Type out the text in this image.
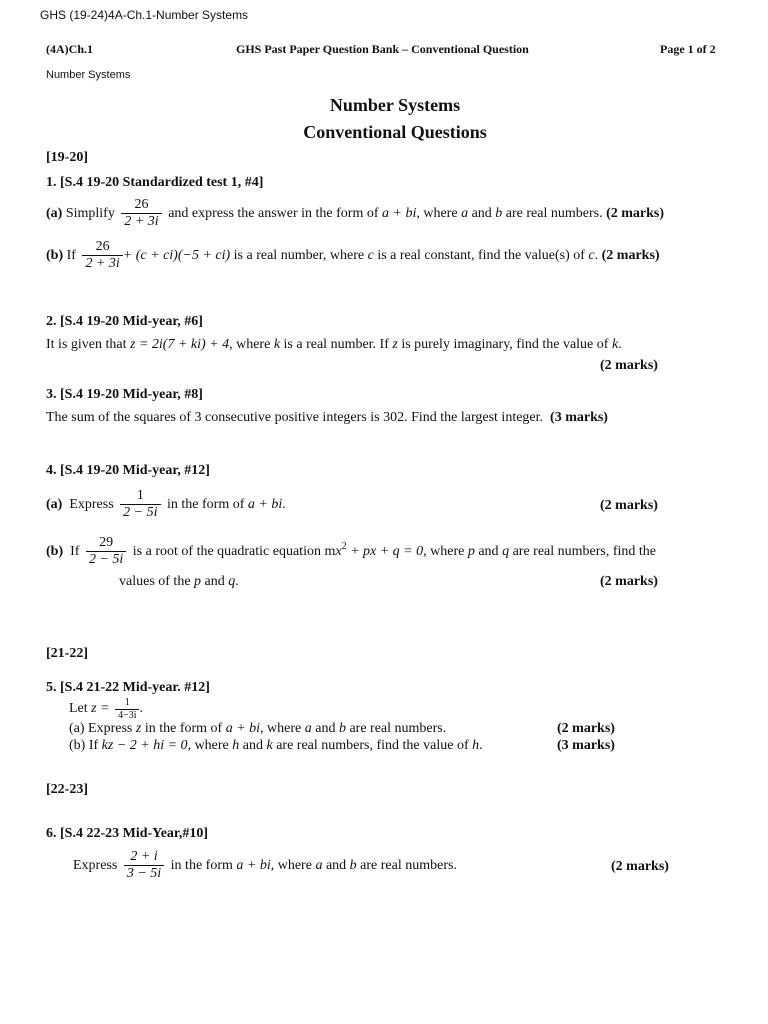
GHS (19-24)4A-Ch.1-Number Systems
(4A)Ch.1	GHS Past Paper Question Bank – Conventional Question	Page 1 of 2
Number Systems
Number Systems
Conventional Questions
[19-20]
1. [S.4 19-20 Standardized test 1, #4]
(a) Simplify $\frac{26}{2 + 3i}$ and express the answer in the form of a + bi, where a and b are real numbers. (2 marks)
(b) If $\frac{26}{2 + 3i} + (c + ci)(-5 + ci)$ is a real number, where c is a real constant, find the value(s) of c. (2 marks)
2. [S.4 19-20 Mid-year, #6]
It is given that z = 2i(7 + ki) + 4, where k is a real number. If z is purely imaginary, find the value of k.
(2 marks)
3. [S.4 19-20 Mid-year, #8]
The sum of the squares of 3 consecutive positive integers is 302. Find the largest integer. (3 marks)
4. [S.4 19-20 Mid-year, #12]
(a) Express $\frac{1}{2 - 5i}$ in the form of a + bi.	(2 marks)
(b) If $\frac{29}{2 - 5i}$ is a root of the quadratic equation $mx^2$ + px + q = 0, where p and q are real numbers, find the
values of the p and q.	(2 marks)
[21-22]
5. [S.4 21-22 Mid-year. #12]
Let $z = \frac{1}{4-3i}$ .
(a) Express z in the form of a + bi, where a and b are real numbers.	(2 marks)
(b) If kz − 2 + hi = 0, where h and k are real numbers, find the value of h.	(3 marks)
[22-23]
6. [S.4 22-23 Mid-Year,#10]
Express $\frac{2 + i}{3 - 5i}$ in the form a + bi, where a and b are real numbers.	(2 marks)
